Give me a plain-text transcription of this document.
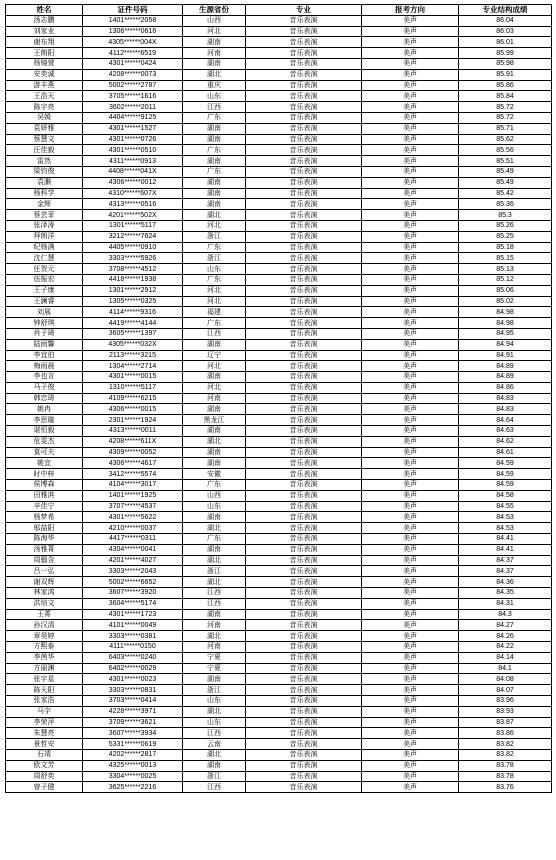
姓名	证件号码	生源省份	专业	报考方向	专业结构成绩
汤志鹏	1401******2058	山西	音乐表演	美声	86.04
刘家业	1306******0616	河北	音乐表演	美声	86.03
谢东翔	4305******004X	湖南	音乐表演	美声	86.01
王朗阳	4112******6519	河南	音乐表演	美声	85.99
杨镜萱	4301******0424	湖南	音乐表演	美声	85.98
安奕诚	4208******0073	湖北	音乐表演	美声	85.91
游丰燕	5002******2787	重庆	音乐表演	美声	85.86
王浩天	3705******1616	山东	音乐表演	美声	85.84
陈宇亮	3602******2011	江西	音乐表演	美声	85.72
吴媛	4404******9125	广东	音乐表演	美声	85.72
袁妍雅	4301******1527	湖南	音乐表演	美声	85.71
蔡慧文	4301******0726	湖南	音乐表演	美声	85.62
汪佳毅	4301******0510	广东	音乐表演	美声	85.56
雷然	4311******0913	湖南	音乐表演	美声	85.51
梁钧俊	4408******041X	广东	音乐表演	美声	85.49
袁灏	4306******0012	湖南	音乐表演	美声	85.49
杨科学	4310******607X	湖南	音乐表演	美声	85.42
金辉	4313******0516	湖南	音乐表演	美声	85.36
蔡芸菲	4201******502X	湖北	音乐表演	美声	85.3
张泽涛	1301******5117	河北	音乐表演	美声	85.26
拜朗洋	3212******7624	浙江	音乐表演	美声	85.25
纪杨满	4405******0910	广东	音乐表演	美声	85.18
沈仁慧	3303******5926	浙江	音乐表演	美声	85.15
任贺元	3708******4512	山东	音乐表演	美声	85.13
伍振宏	4418******1938	广东	音乐表演	美声	85.12
王子康	1301******2912	河北	音乐表演	美声	85.06
王澜睿	1305******0325	河北	音乐表演	美声	85.02
刘展	4114******9316	福建	音乐表演	美声	84.98
钟舒琪	4419******4144	广东	音乐表演	美声	84.98
肖子琦	3605******1397	江西	音乐表演	美声	84.95
陆雨馨	4305******032X	湖南	音乐表演	美声	84.94
李宜伯	2113******3215	辽宁	音乐表演	美声	84.91
梅雨晨	1304******2714	河北	音乐表演	美声	84.89
李也言	4301******0015	湖南	音乐表演	美声	84.89
马子俊	1310******5117	河北	音乐表演	美声	84.86
韩忠琦	4109******6215	河南	音乐表演	美声	84.83
姚冉	4306******0015	湖南	音乐表演	美声	84.83
李思璇	2301******1924	黑龙江	音乐表演	美声	84.64
谌恒毅	4313******0011	湖南	音乐表演	美声	84.63
危雯杰	4208******611X	湖北	音乐表演	美声	84.62
莫可夫	4309******0052	湖南	音乐表演	美声	84.61
姚宜	4306******4617	湖南	音乐表演	美声	84.59
时中梓	3412******5574	安徽	音乐表演	美声	84.59
侯博森	4104******3017	广东	音乐表演	美声	84.59
田雅淇	1401******1925	山西	音乐表演	美声	84.58
辛佳宁	3707******4537	山东	音乐表演	美声	84.55
杨梦希	4301******5622	湖南	音乐表演	美声	84.53
邬喆阳	4210******0037	湖北	音乐表演	美声	84.53
陈海华	4417******0311	广东	音乐表演	美声	84.41
汤雅菁	4304******0041	湖南	音乐表演	美声	84.41
周骝含	4201******4027	湖北	音乐表演	美声	84.37
吕一弘	3303******2043	浙江	音乐表演	美声	84.37
谢双辉	5002******6652	湖北	音乐表演	美声	84.36
林家鸿	3607******3920	江西	音乐表演	美声	84.35
洪培文	3604******5174	江西	音乐表演	美声	84.31
王菁	4301******1723	湖南	音乐表演	美声	84.3
孙汉清	4101******0049	河南	音乐表演	美声	84.27
章昊婷	3303******0381	湖北	音乐表演	美声	84.26
方熙泰	4111******0150	河南	音乐表演	美声	84.22
李茜华	6403******0240	宁夏	音乐表演	美声	84.14
方丽渊	6402******0029	宁夏	音乐表演	美声	84.1
张宇星	4301******0023	湖南	音乐表演	美声	84.08
陈天阳	3303******0831	浙江	音乐表演	美声	84.07
张家浩	3703******0414	山东	音乐表演	美声	83.96
马宇	4228******3971	湖北	音乐表演	美声	83.93
李荣萍	3709******3621	山东	音乐表演	美声	83.87
朱慧亮	3607******3934	江西	音乐表演	美声	83.86
景哲安	5331******0619	云南	音乐表演	美声	83.82
石靖	4202******2817	湖北	音乐表演	美声	83.82
欧文芳	4325******0013	湖南	音乐表演	美声	83.78
周舒奕	3304******0025	浙江	音乐表演	美声	83.78
曾子健	3625******2216	江西	音乐表演	美声	83.76
